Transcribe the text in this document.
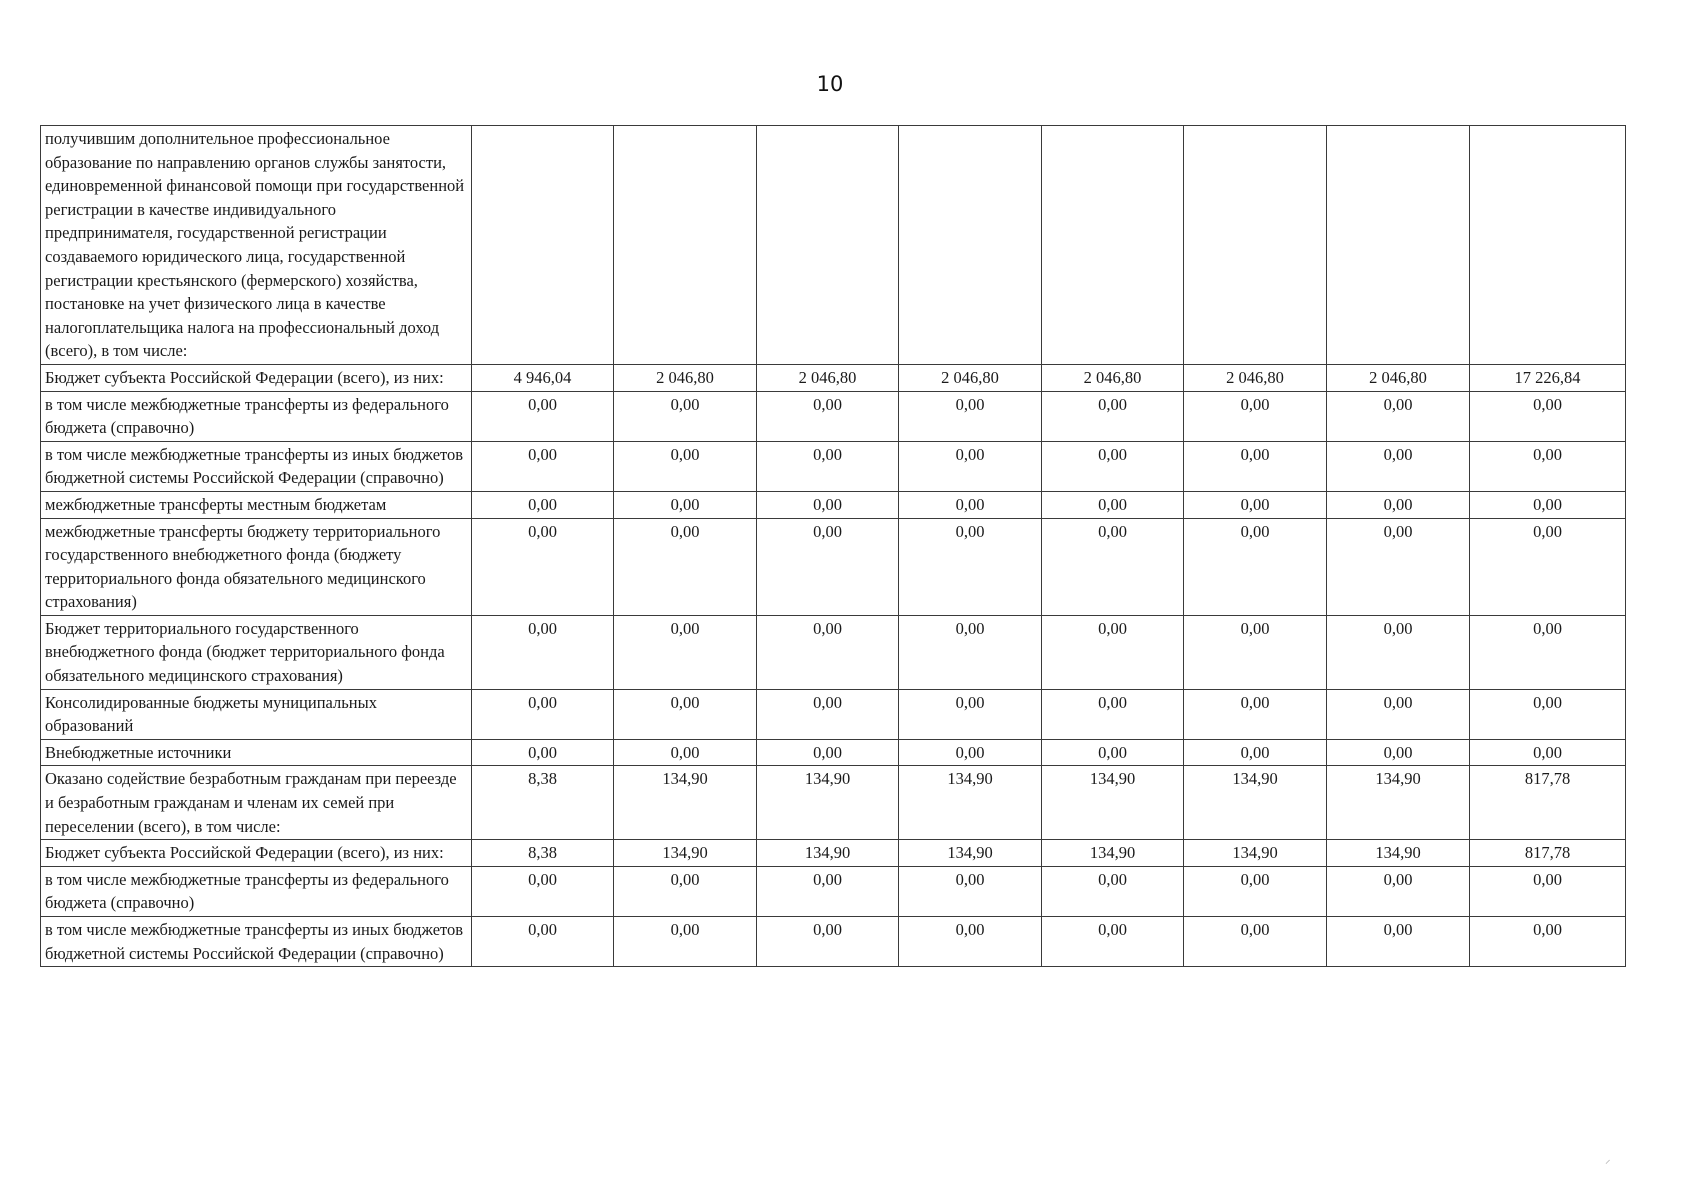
10
получившим дополнительное профессиональное образование по направлению органов службы занятости, единовременной финансовой помощи при государственной регистрации в качестве индивидуального предпринимателя, государственной регистрации создаваемого юридического лица, государственной регистрации крестьянского (фермерского) хозяйства, постановке на учет физического лица в качестве налогоплательщика налога на профессиональный доход (всего), в том числе:								
Бюджет субъекта Российской Федерации (всего), из них:	4 946,04	2 046,80	2 046,80	2 046,80	2 046,80	2 046,80	2 046,80	17 226,84
в том числе межбюджетные трансферты из федерального бюджета (справочно)	0,00	0,00	0,00	0,00	0,00	0,00	0,00	0,00
в том числе межбюджетные трансферты из иных бюджетов бюджетной системы Российской Федерации (справочно)	0,00	0,00	0,00	0,00	0,00	0,00	0,00	0,00
межбюджетные трансферты местным бюджетам	0,00	0,00	0,00	0,00	0,00	0,00	0,00	0,00
межбюджетные трансферты бюджету территориального государственного внебюджетного фонда (бюджету территориального фонда обязательного медицинского страхования)	0,00	0,00	0,00	0,00	0,00	0,00	0,00	0,00
Бюджет территориального государственного внебюджетного фонда (бюджет территориального фонда обязательного медицинского страхования)	0,00	0,00	0,00	0,00	0,00	0,00	0,00	0,00
Консолидированные бюджеты муниципальных образований	0,00	0,00	0,00	0,00	0,00	0,00	0,00	0,00
Внебюджетные источники	0,00	0,00	0,00	0,00	0,00	0,00	0,00	0,00
Оказано содействие безработным гражданам при переезде и безработным гражданам и членам их семей при переселении (всего), в том числе:	8,38	134,90	134,90	134,90	134,90	134,90	134,90	817,78
Бюджет субъекта Российской Федерации (всего), из них:	8,38	134,90	134,90	134,90	134,90	134,90	134,90	817,78
в том числе межбюджетные трансферты из федерального бюджета (справочно)	0,00	0,00	0,00	0,00	0,00	0,00	0,00	0,00
в том числе межбюджетные трансферты из иных бюджетов бюджетной системы Российской Федерации (справочно)	0,00	0,00	0,00	0,00	0,00	0,00	0,00	0,00
⸝
